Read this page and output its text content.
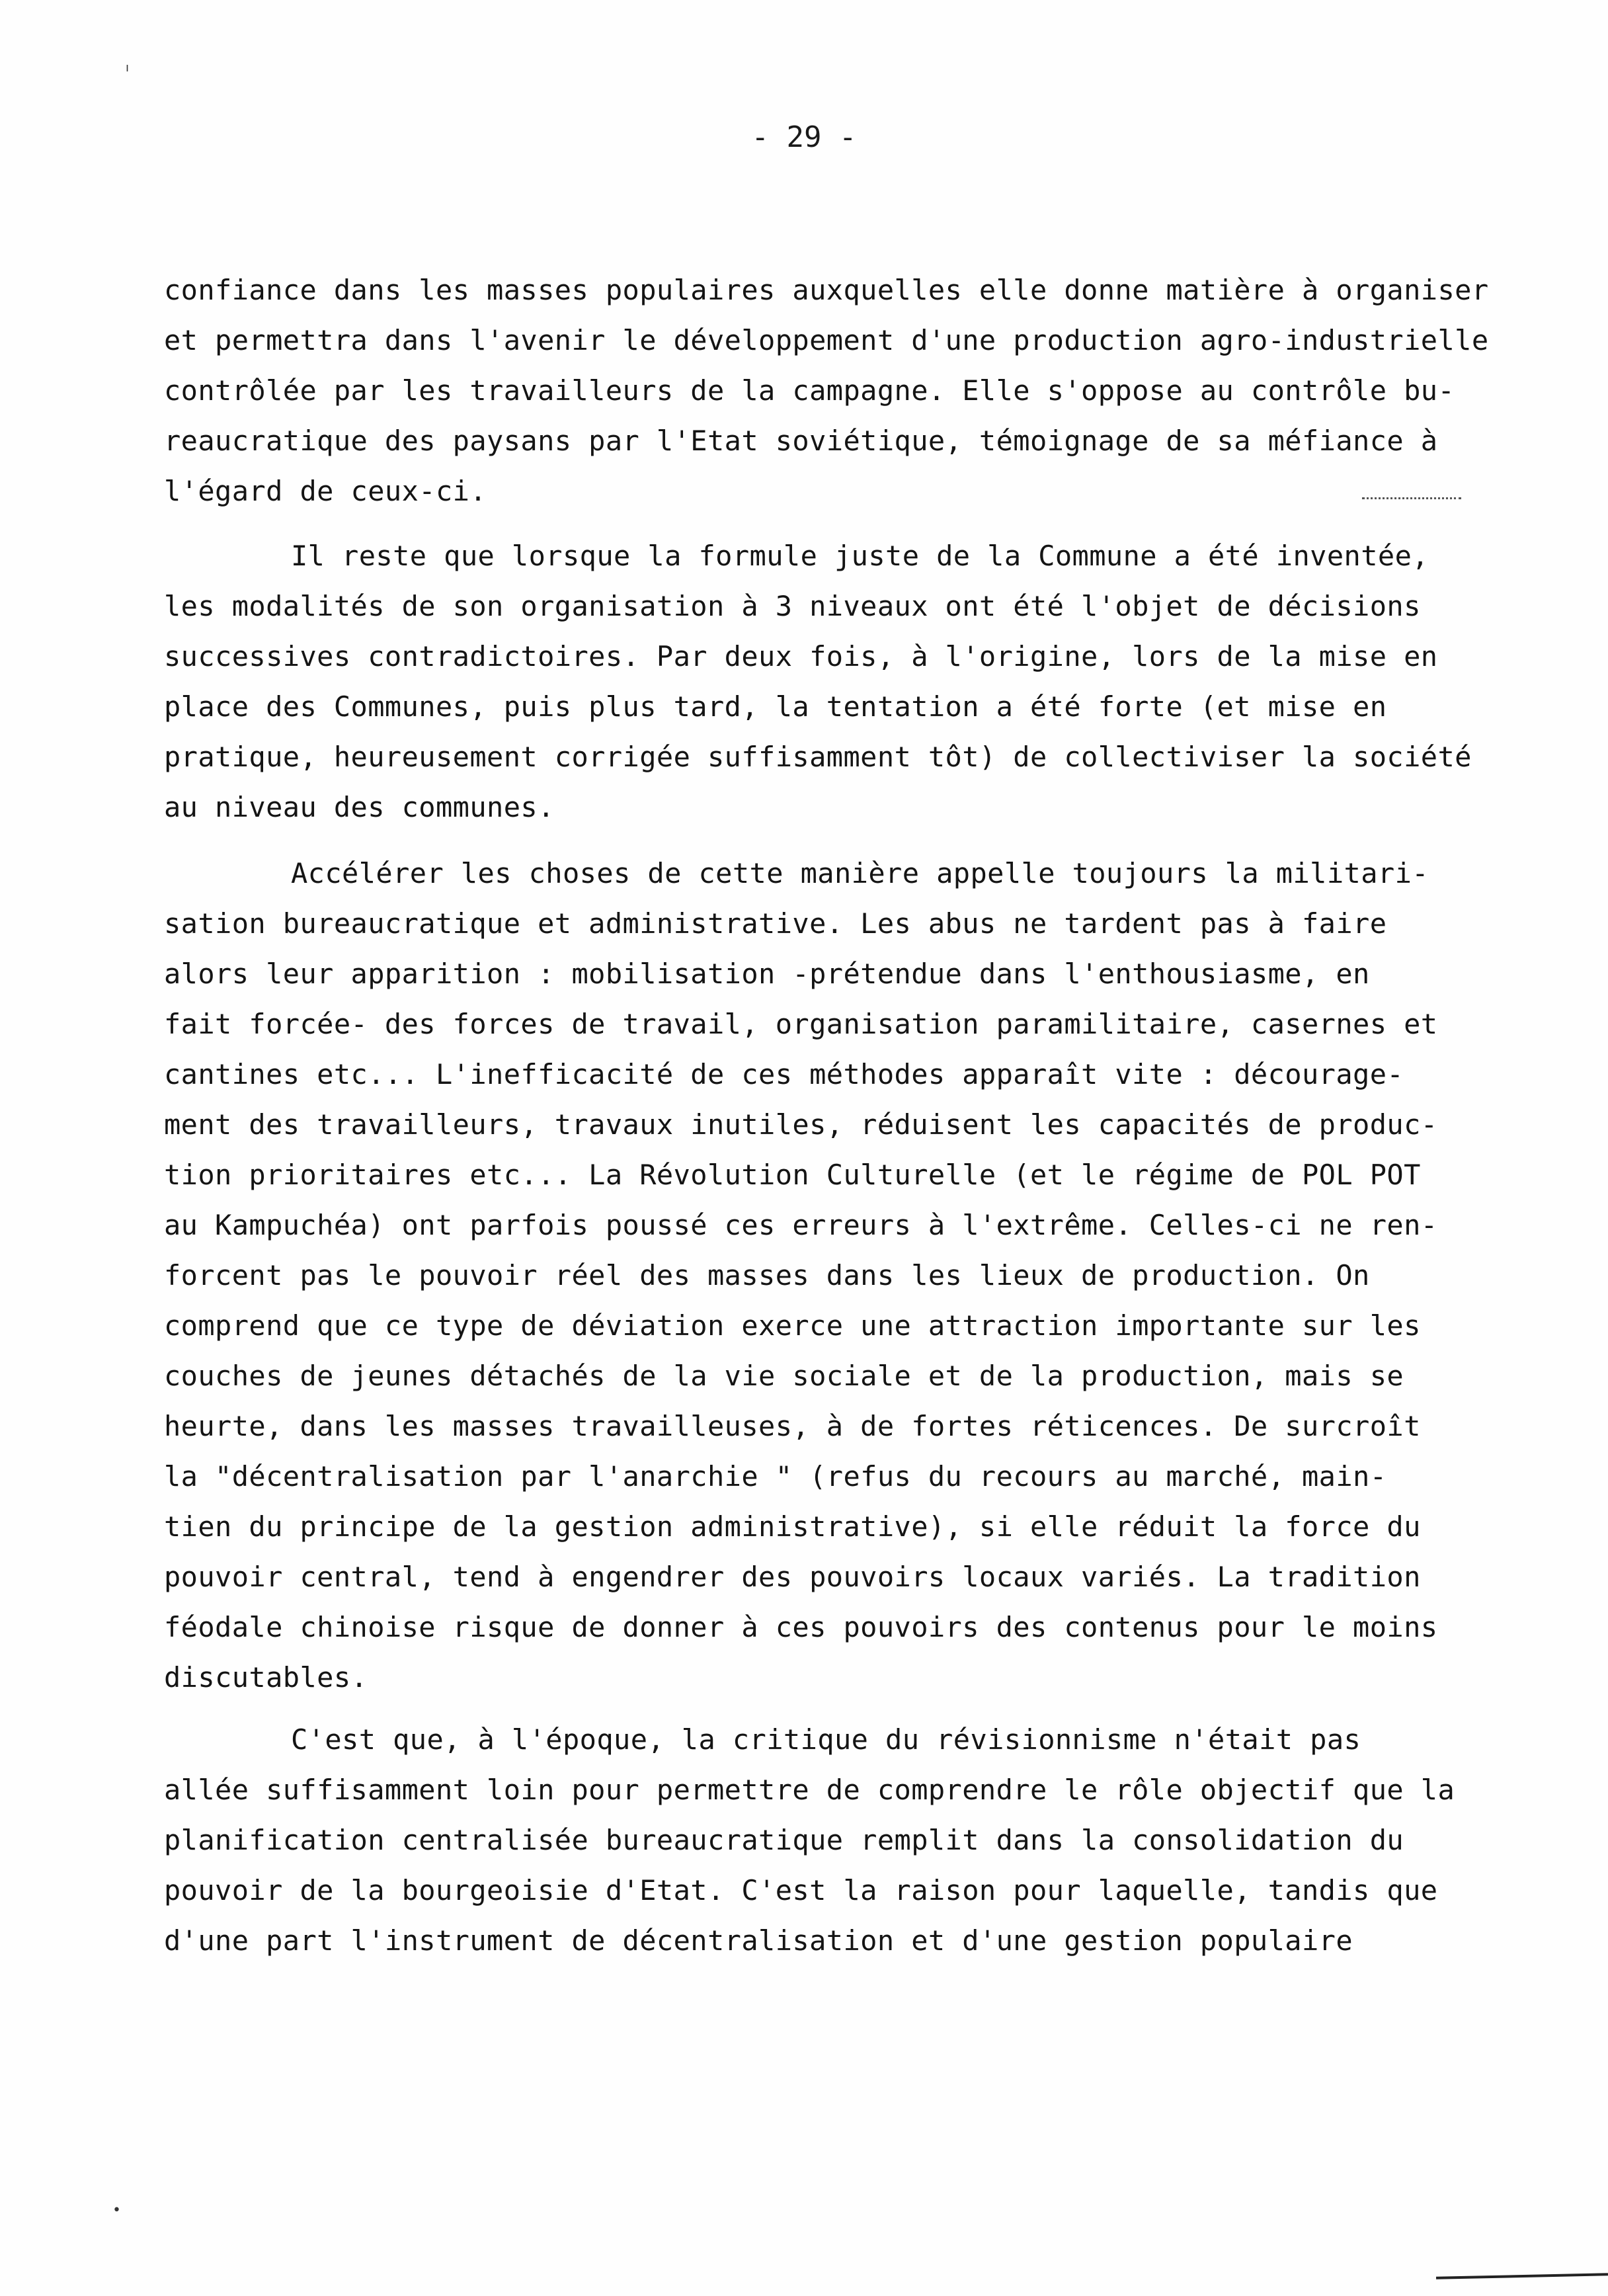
ı
•
- 29 -
confiance dans les masses populaires auxquelles elle donne matière à organiser
et permettra dans l'avenir le développement d'une production agro-industrielle
contrôlée par les travailleurs de la campagne. Elle s'oppose au contrôle bu-
reaucratique des paysans par l'Etat soviétique, témoignage de sa méfiance à
l'égard de ceux-ci.
Il reste que lorsque la formule juste de la Commune a été inventée,
les modalités de son organisation à 3 niveaux ont été l'objet de décisions
successives contradictoires. Par deux fois, à l'origine, lors de la mise en
place des Communes, puis plus tard, la tentation a été forte (et mise en
pratique, heureusement corrigée suffisamment tôt) de collectiviser la société
au niveau des communes.
Accélérer les choses de cette manière appelle toujours la militari-
sation bureaucratique et administrative. Les abus ne tardent pas à faire
alors leur apparition : mobilisation -prétendue dans l'enthousiasme, en
fait forcée- des forces de travail, organisation paramilitaire, casernes et
cantines etc... L'inefficacité de ces méthodes apparaît vite : décourage-
ment des travailleurs, travaux inutiles, réduisent les capacités de produc-
tion prioritaires etc... La Révolution Culturelle (et le régime de POL POT
au Kampuchéa) ont parfois poussé ces erreurs à l'extrême. Celles-ci ne ren-
forcent pas le pouvoir réel des masses dans les lieux de production. On
comprend que ce type de déviation exerce une attraction importante sur les
couches de jeunes détachés de la vie sociale et de la production, mais se
heurte, dans les masses travailleuses, à de fortes réticences. De surcroît
la "décentralisation par l'anarchie " (refus du recours au marché, main-
tien du principe de la gestion administrative), si elle réduit la force du
pouvoir central, tend à engendrer des pouvoirs locaux variés. La tradition
féodale chinoise risque de donner à ces pouvoirs des contenus pour le moins
discutables.
C'est que, à l'époque, la critique du révisionnisme n'était pas
allée suffisamment loin pour permettre de comprendre le rôle objectif que la
planification centralisée bureaucratique remplit dans la consolidation du
pouvoir de la bourgeoisie d'Etat. C'est la raison pour laquelle, tandis que
d'une part l'instrument de décentralisation et d'une gestion populaire
